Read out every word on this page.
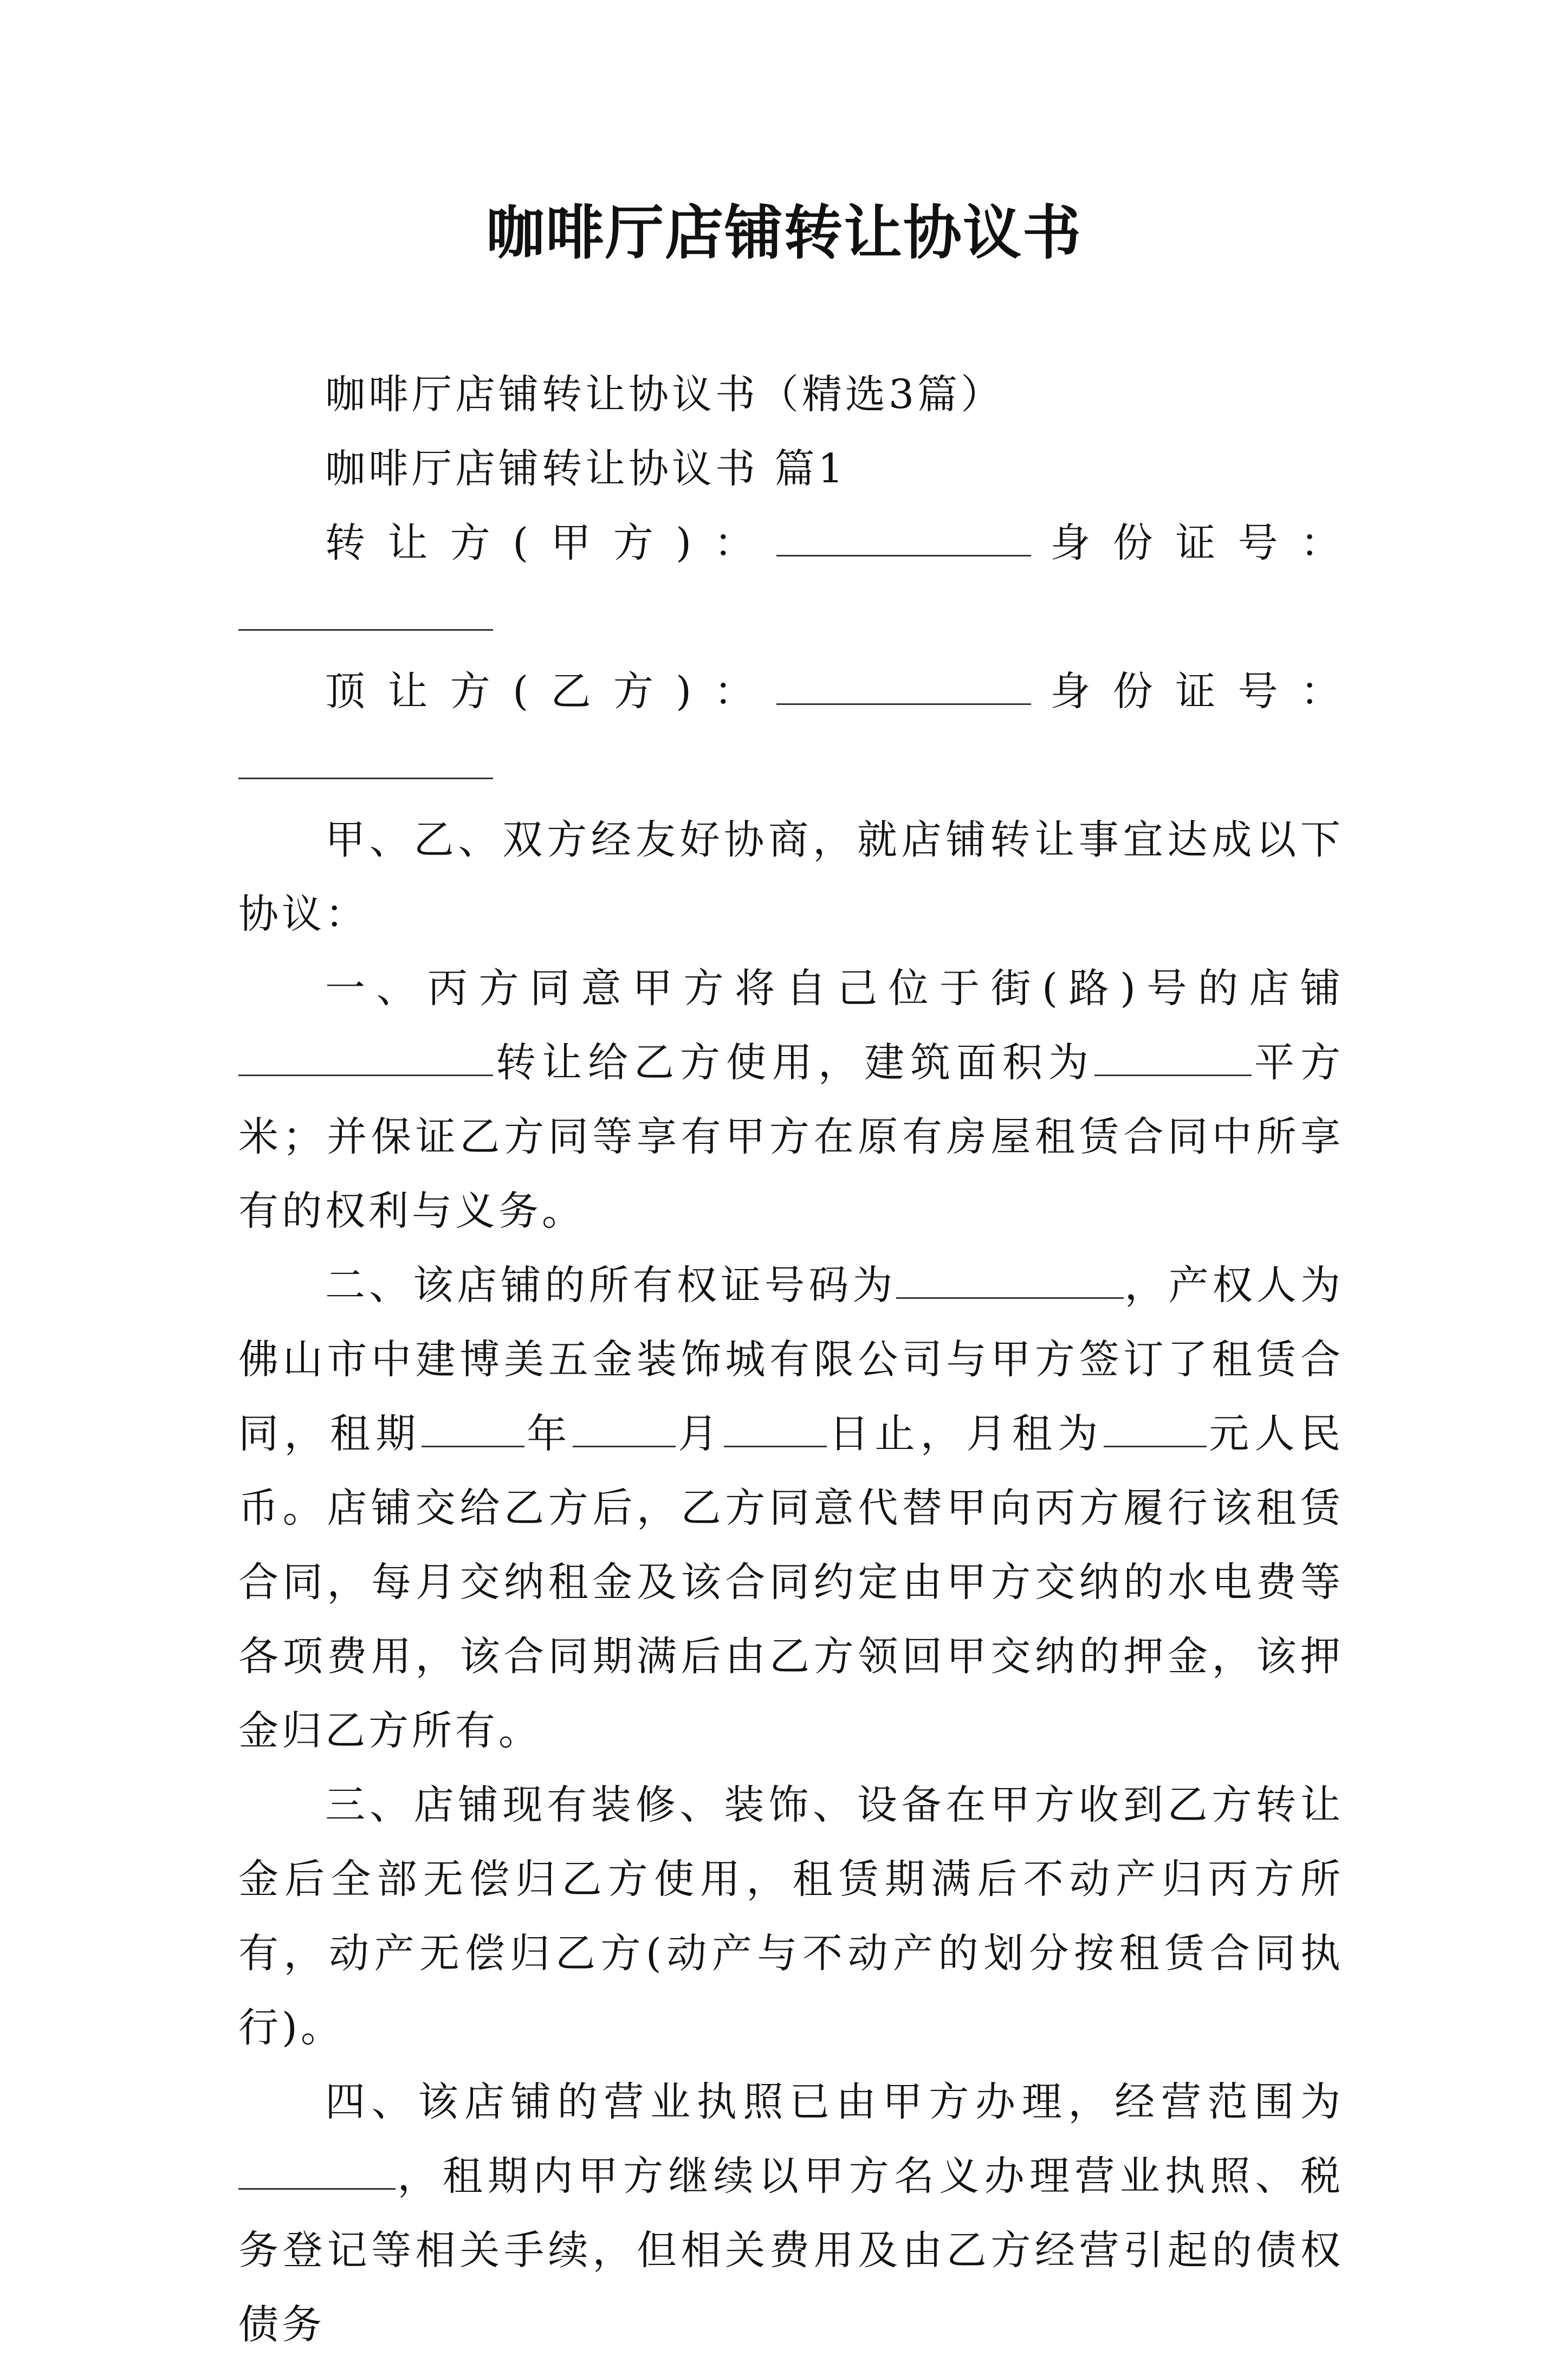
咖啡厅店铺转让协议书

咖啡厅店铺转让协议书（精选3篇）

咖啡厅店铺转让协议书 篇1

转让方(甲方)：	身份证号：

顶让方(乙方)：	身份证号：

甲、乙、双方经友好协商，就店铺转让事宜达成以下协议：

一、丙方同意甲方将自己位于街(路)号的店铺转让给乙方使用，建筑面积为	平方米；并保证乙方同等享有甲方在原有房屋租赁合同中所享有的权利与义务。

二、该店铺的所有权证号码为	，产权人为佛山市中建博美五金装饰城有限公司与甲方签订了租赁合同，租期	年	月	日止，月租为	元人民币。店铺交给乙方后，乙方同意代替甲向丙方履行该租赁合同，每月交纳租金及该合同约定由甲方交纳的水电费等各项费用，该合同期满后由乙方领回甲交纳的押金，该押金归乙方所有。

三、店铺现有装修、装饰、设备在甲方收到乙方转让金后全部无偿归乙方使用，租赁期满后不动产归丙方所有，动产无偿归乙方(动产与不动产的划分按租赁合同执行)。

四、该店铺的营业执照已由甲方办理，经营范围为，租期内甲方继续以甲方名义办理营业执照、税务登记等相关手续，但相关费用及由乙方经营引起的债权债务
